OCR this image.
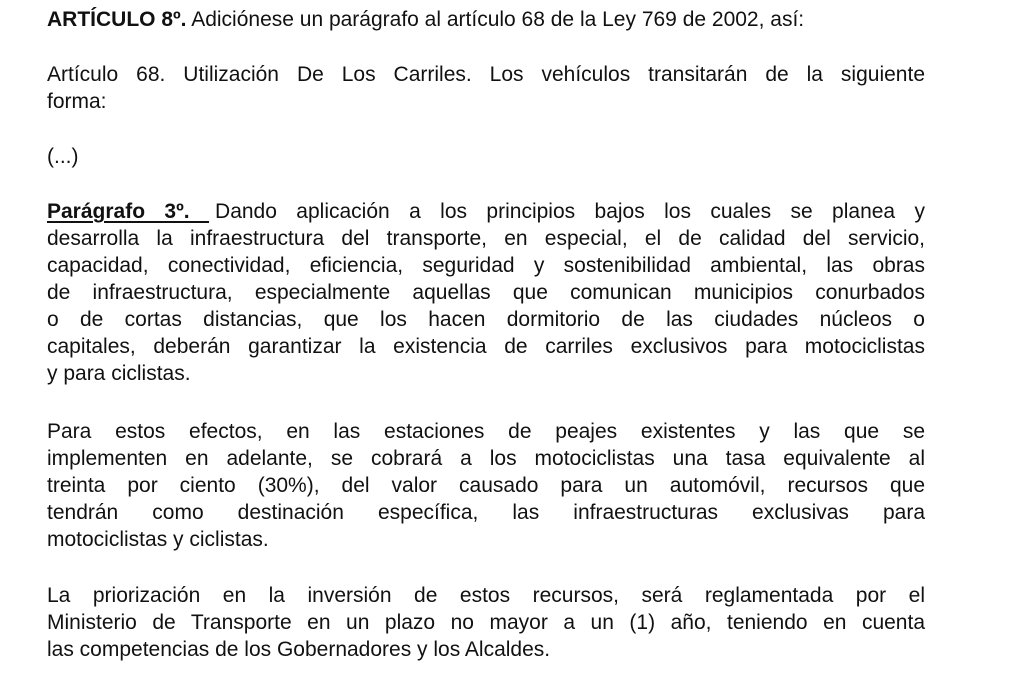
ARTÍCULO 8º. Adiciónese un parágrafo al artículo 68 de la Ley 769 de 2002, así:
Artículo 68. Utilización De Los Carriles. Los vehículos transitarán de la siguiente
forma:
(...)
Parágrafo 3º. Dando aplicación a los principios bajos los cuales se planea y
desarrolla la infraestructura del transporte, en especial, el de calidad del servicio,
capacidad, conectividad, eficiencia, seguridad y sostenibilidad ambiental, las obras
de infraestructura, especialmente aquellas que comunican municipios conurbados
o de cortas distancias, que los hacen dormitorio de las ciudades núcleos o
capitales, deberán garantizar la existencia de carriles exclusivos para motociclistas
y para ciclistas.
Para estos efectos, en las estaciones de peajes existentes y las que se
implementen en adelante, se cobrará a los motociclistas una tasa equivalente al
treinta por ciento (30%), del valor causado para un automóvil, recursos que
tendrán como destinación específica, las infraestructuras exclusivas para
motociclistas y ciclistas.
La priorización en la inversión de estos recursos, será reglamentada por el
Ministerio de Transporte en un plazo no mayor a un (1) año, teniendo en cuenta
las competencias de los Gobernadores y los Alcaldes.
